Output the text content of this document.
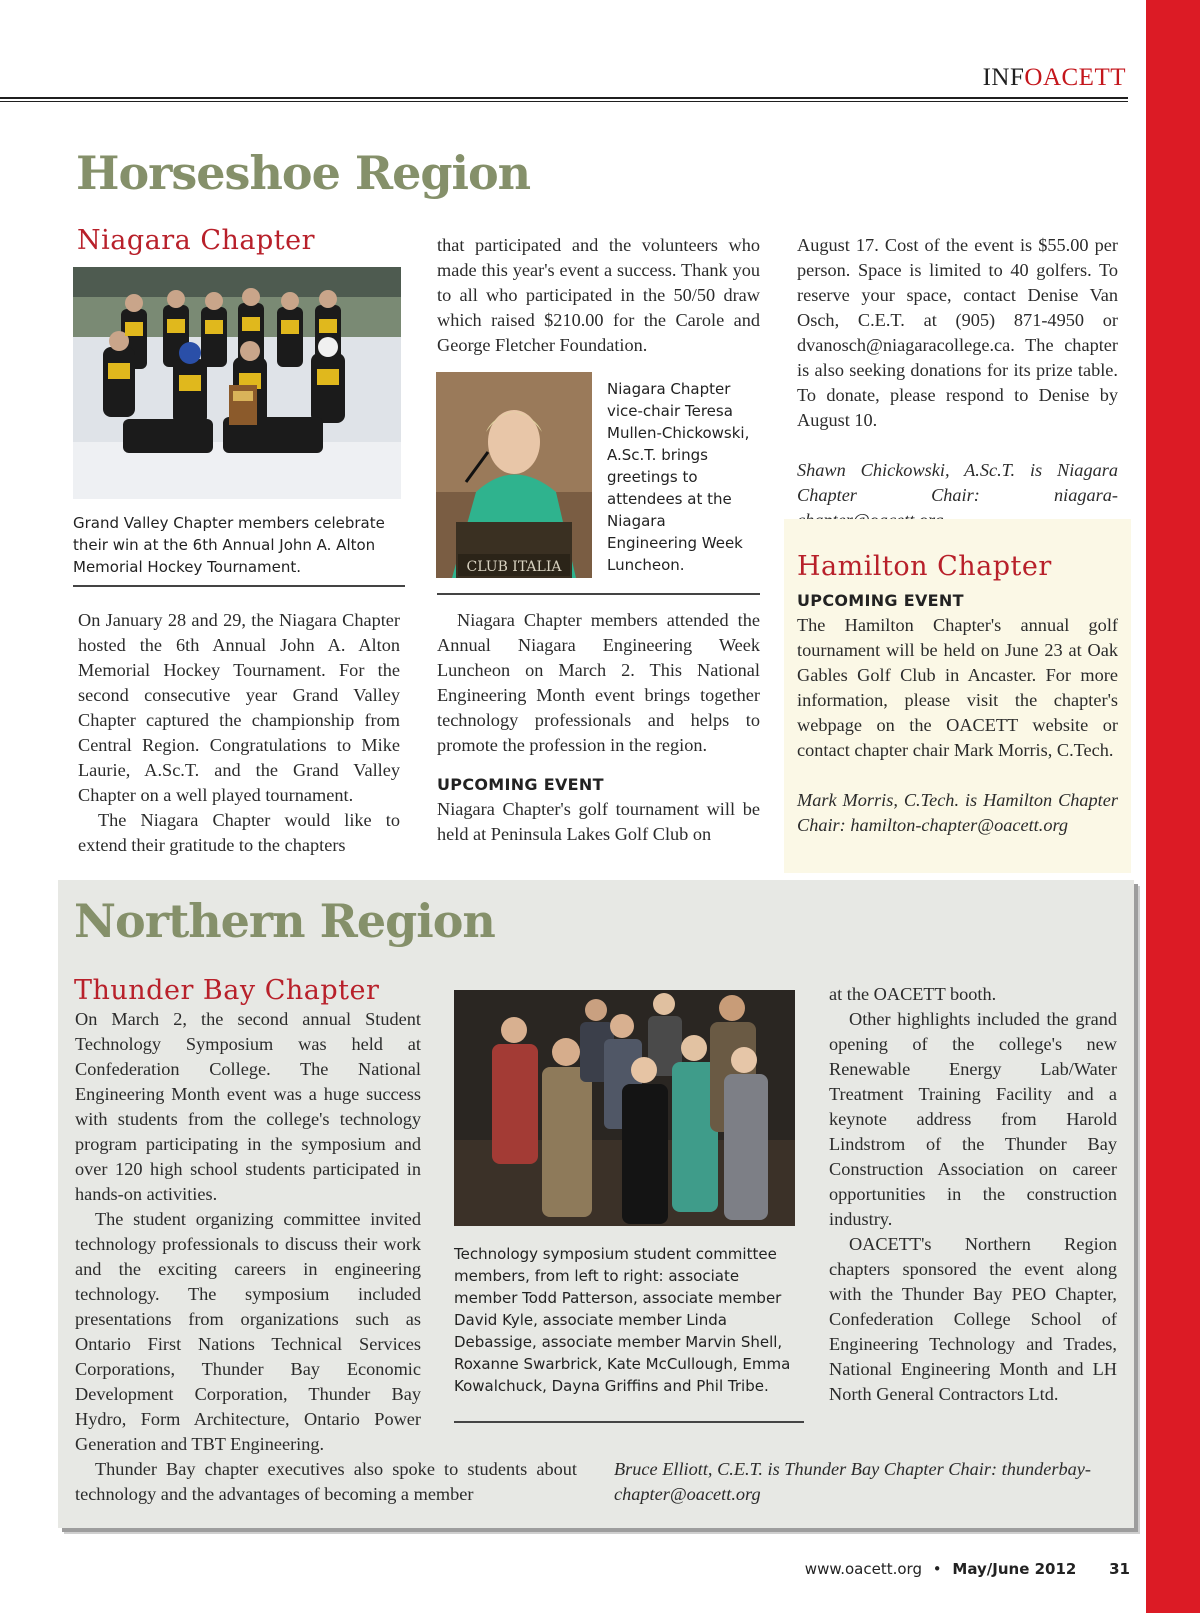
INFOACETT
Horseshoe Region
Niagara Chapter
Grand Valley Chapter members celebrate their win at the 6th Annual John A. Alton Memorial Hockey Tournament.

On January 28 and 29, the Niagara Chapter hosted the 6th Annual John A. Alton Memorial Hockey Tournament. For the second consecutive year Grand Valley Chapter captured the championship from Central Region. Congratulations to Mike Laurie, A.Sc.T. and the Grand Valley Chapter on a well played tournament.

The Niagara Chapter would like to extend their gratitude to the chapters

that participated and the volunteers who made this year's event a success. Thank you to all who participated in the 50/50 draw which raised $210.00 for the Carole and George Fletcher Foundation.

CLUB ITALIA
Niagara Chapter vice-chair Teresa Mullen-Chickowski, A.Sc.T. brings greetings to attendees at the Niagara Engineering Week Luncheon.

Niagara Chapter members attended the Annual Niagara Engineering Week Luncheon on March 2. This National Engineering Month event brings together technology professionals and helps to promote the profession in the region.

UPCOMING EVENT

Niagara Chapter's golf tournament will be held at Peninsula Lakes Golf Club on

August 17. Cost of the event is $55.00 per person. Space is limited to 40 golfers. To reserve your space, contact Denise Van Osch, C.E.T. at (905) 871-4950 or dvanosch@niagaracollege.ca. The chapter is also seeking donations for its prize table. To donate, please respond to Denise by August 10.

Shawn Chickowski, A.Sc.T. is Niagara Chapter Chair: niagara-

Hamilton Chapter

UPCOMING EVENT

The Hamilton Chapter's annual golf tournament will be held on June 23 at Oak Gables Golf Club in Ancaster. For more information, please visit the chapter's webpage on the OACETT website or contact chapter chair Mark Morris, C.Tech.

Mark Morris, C.Tech. is Hamilton Chapter Chair: hamilton-chapter@oacett.org

Northern Region
Thunder Bay Chapter

On March 2, the second annual Student Technology Symposium was held at Confederation College. The National Engineering Month event was a huge success with students from the college's technology program participating in the symposium and over 120 high school students participated in hands-on activities.

The student organizing committee invited technology professionals to discuss their work and the exciting careers in engineering technology. The symposium included presentations from organizations such as Ontario First Nations Technical Services Corporations, Thunder Bay Economic Development Corporation, Thunder Bay Hydro, Form Architecture, Ontario Power Generation and TBT Engineering.

Thunder Bay chapter executives also spoke to students about technology and the advantages of becoming a member

Technology symposium student committee members, from left to right: associate member Todd Patterson, associate member David Kyle, associate member Linda Debassige, associate member Marvin Shell, Roxanne Swarbrick, Kate McCullough, Emma Kowalchuck, Dayna Griffins and Phil Tribe.

at the OACETT booth.

Other highlights included the grand opening of the college's new Renewable Energy Lab/Water Treatment Training Facility and a keynote address from Harold Lindstrom of the Thunder Bay Construction Association on career opportunities in the construction industry.

OACETT's Northern Region chapters sponsored the event along with the Thunder Bay PEO Chapter, Confederation College School of Engineering Technology and Trades, National Engineering Month and LH North General Contractors Ltd.

Bruce Elliott, C.E.T. is Thunder Bay Chapter Chair: thunderbay-chapter@oacett.org
www.oacett.org • May/June 2012 31
